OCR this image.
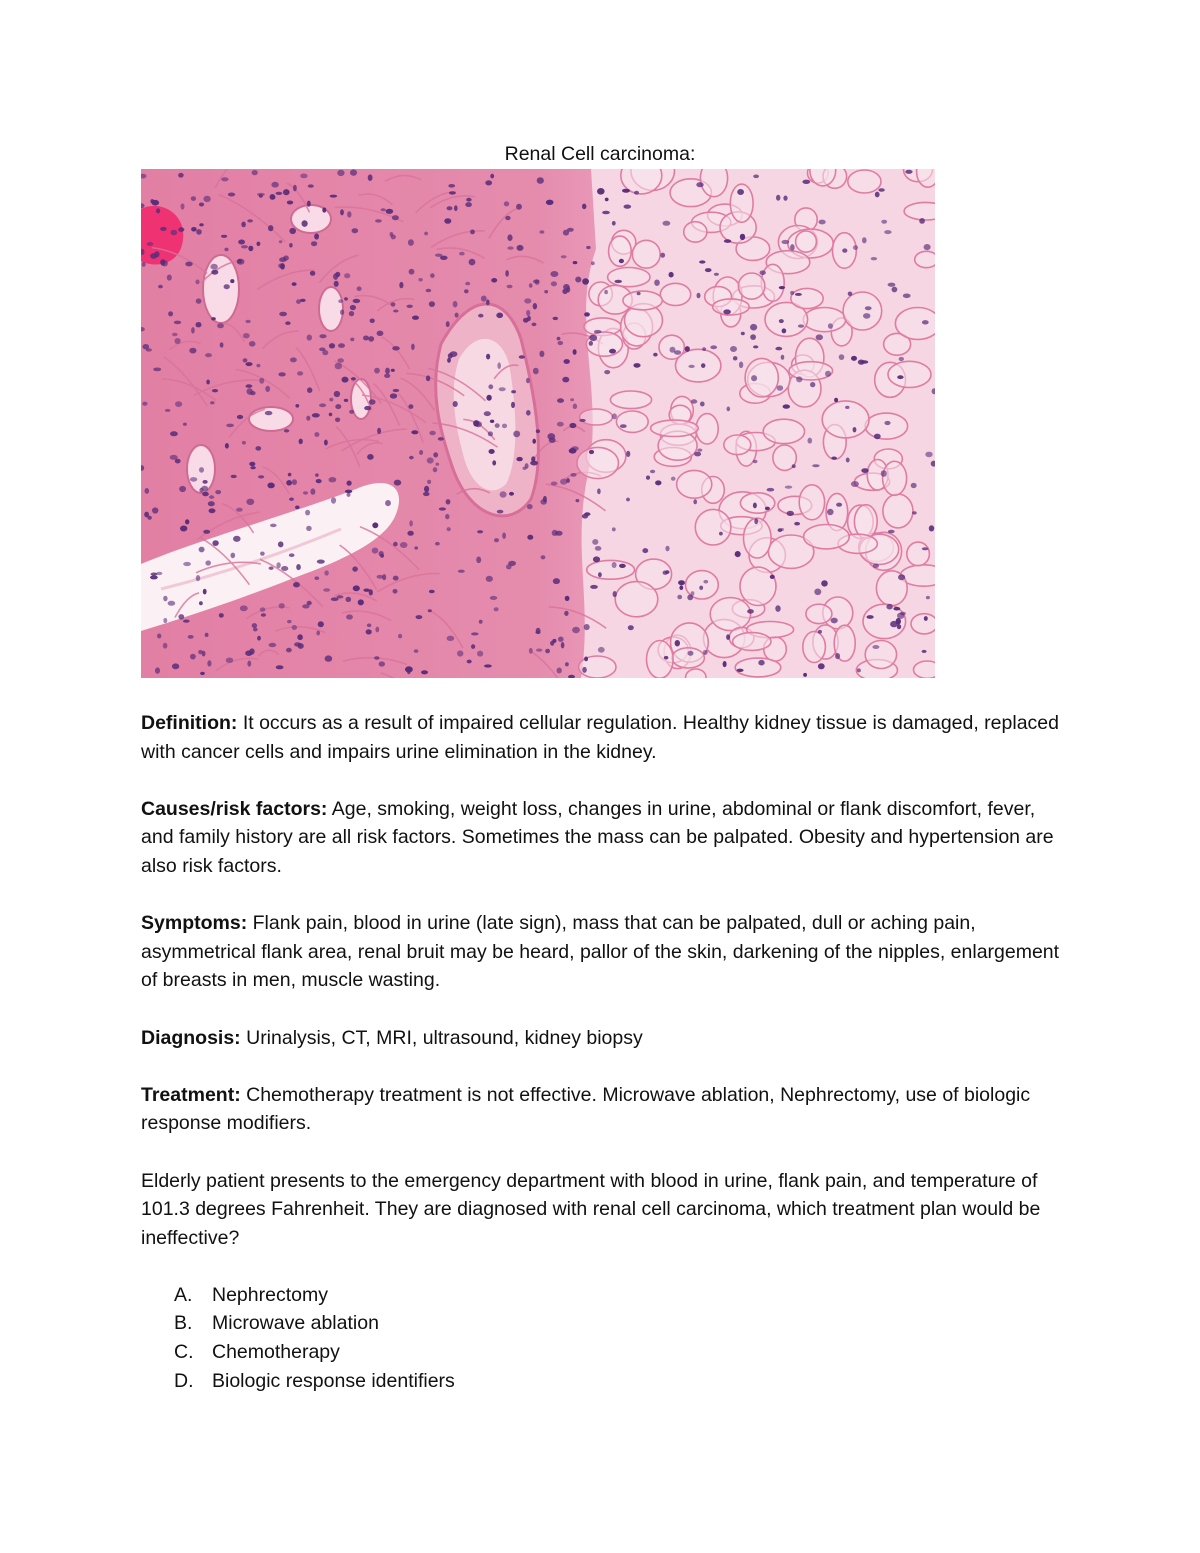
Renal Cell carcinoma:

Definition: It occurs as a result of impaired cellular regulation. Healthy kidney tissue is damaged, replaced with cancer cells and impairs urine elimination in the kidney.

Causes/risk factors: Age, smoking, weight loss, changes in urine, abdominal or flank discomfort, fever, and family history are all risk factors. Sometimes the mass can be palpated. Obesity and hypertension are also risk factors.

Symptoms: Flank pain, blood in urine (late sign), mass that can be palpated, dull or aching pain, asymmetrical flank area, renal bruit may be heard, pallor of the skin, darkening of the nipples, enlargement of breasts in men, muscle wasting.

Diagnosis: Urinalysis, CT, MRI, ultrasound, kidney biopsy

Treatment: Chemotherapy treatment is not effective. Microwave ablation, Nephrectomy, use of biologic response modifiers.

Elderly patient presents to the emergency department with blood in urine, flank pain, and temperature of 101.3 degrees Fahrenheit. They are diagnosed with renal cell carcinoma, which treatment plan would be ineffective?

A.	Nephrectomy
B.	Microwave ablation
C. Chemotherapy
D. Biologic response identifiers
